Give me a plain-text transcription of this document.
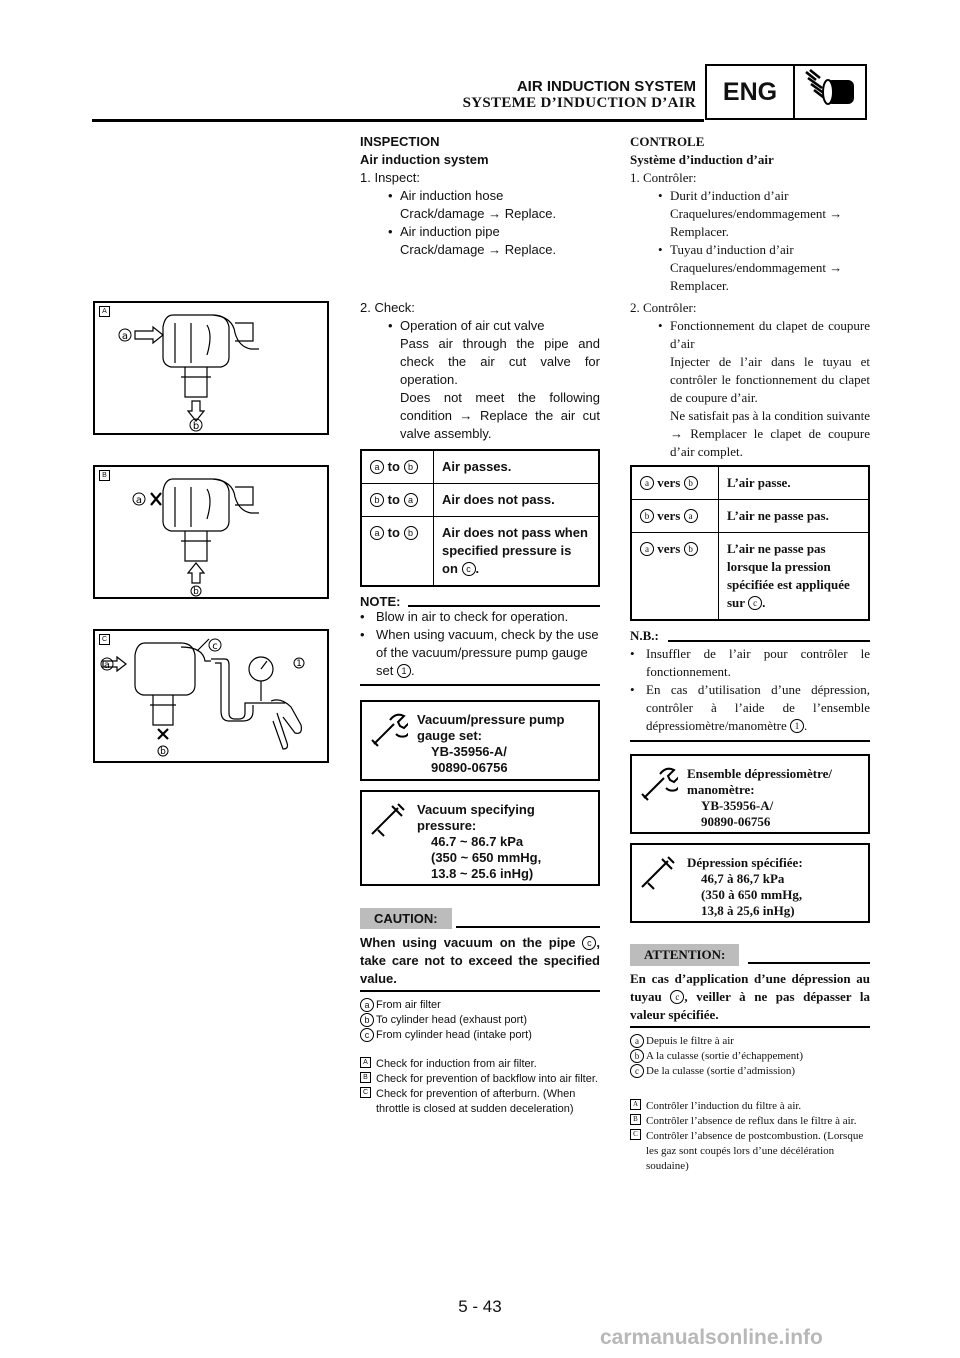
AIR INDUCTION SYSTEM
SYSTEME D’INDUCTION D’AIR	ENG
A
a
b
B
a
b
C
c
1
a
b
INSPECTION
Air induction system
1. Inspect:
• Air induction hose
Crack/damage → Replace.
• Air induction pipe
Crack/damage → Replace.
2. Check:
• Operation of air cut valve
Pass air through the pipe and check the air cut valve for operation.
Does not meet the following condition → Replace the air cut valve assembly.
a to b	Air passes.
b to a	Air does not pass.
a to b	Air does not pass when specified pressure is on c .
NOTE:
• Blow in air to check for operation.
• When using vacuum, check by the use of the vacuum/pressure pump gauge set 1 .
Vacuum/pressure pump gauge set:
YB-35956-A/
90890-06756
Vacuum specifying pressure:
46.7 ~ 86.7 kPa
(350 ~ 650 mmHg,
13.8 ~ 25.6 inHg)
CAUTION:
When using vacuum on the pipe c , take care not to exceed the specified value.
a From air filter
b To cylinder head (exhaust port)
c From cylinder head (intake port)
A Check for induction from air filter.
B Check for prevention of backflow into air filter.
C Check for prevention of afterburn. (When throttle is closed at sudden deceleration)
CONTROLE
Système d’induction d’air
1. Contrôler:
• Durit d’induction d’air
Craquelures/endommagement → Remplacer.
• Tuyau d’induction d’air
Craquelures/endommagement → Remplacer.
2. Contrôler:
• Fonctionnement du clapet de coupure d’air
Injecter de l’air dans le tuyau et contrôler le fonctionnement du clapet de coupure d’air.
Ne satisfait pas à la condition suivante → Remplacer le clapet de coupure d’air complet.
a vers b	L’air passe.
b vers a	L’air ne passe pas.
a vers b	L’air ne passe pas lorsque la pression spécifiée est appliquée sur c .
N.B.:
• Insuffler de l’air pour contrôler le fonctionnement.
• En cas d’utilisation d’une dépression, contrôler à l’aide de l’ensemble dépressiomètre/manomètre 1 .
Ensemble dépressiomètre/ manomètre:
YB-35956-A/
90890-06756
Dépression spécifiée:
46,7 à 86,7 kPa
(350 à 650 mmHg,
13,8 à 25,6 inHg)
ATTENTION:
En cas d’application d’une dépression au tuyau c , veiller à ne pas dépasser la valeur spécifiée.
a Depuis le filtre à air
b A la culasse (sortie d’échappement)
c De la culasse (sortie d’admission)
A Contrôler l’induction du filtre à air.
B Contrôler l’absence de reflux dans le filtre à air.
C Contrôler l’absence de postcombustion. (Lorsque les gaz sont coupés lors d’une décélération soudaine)
5 - 43
carmanualsonline.info
